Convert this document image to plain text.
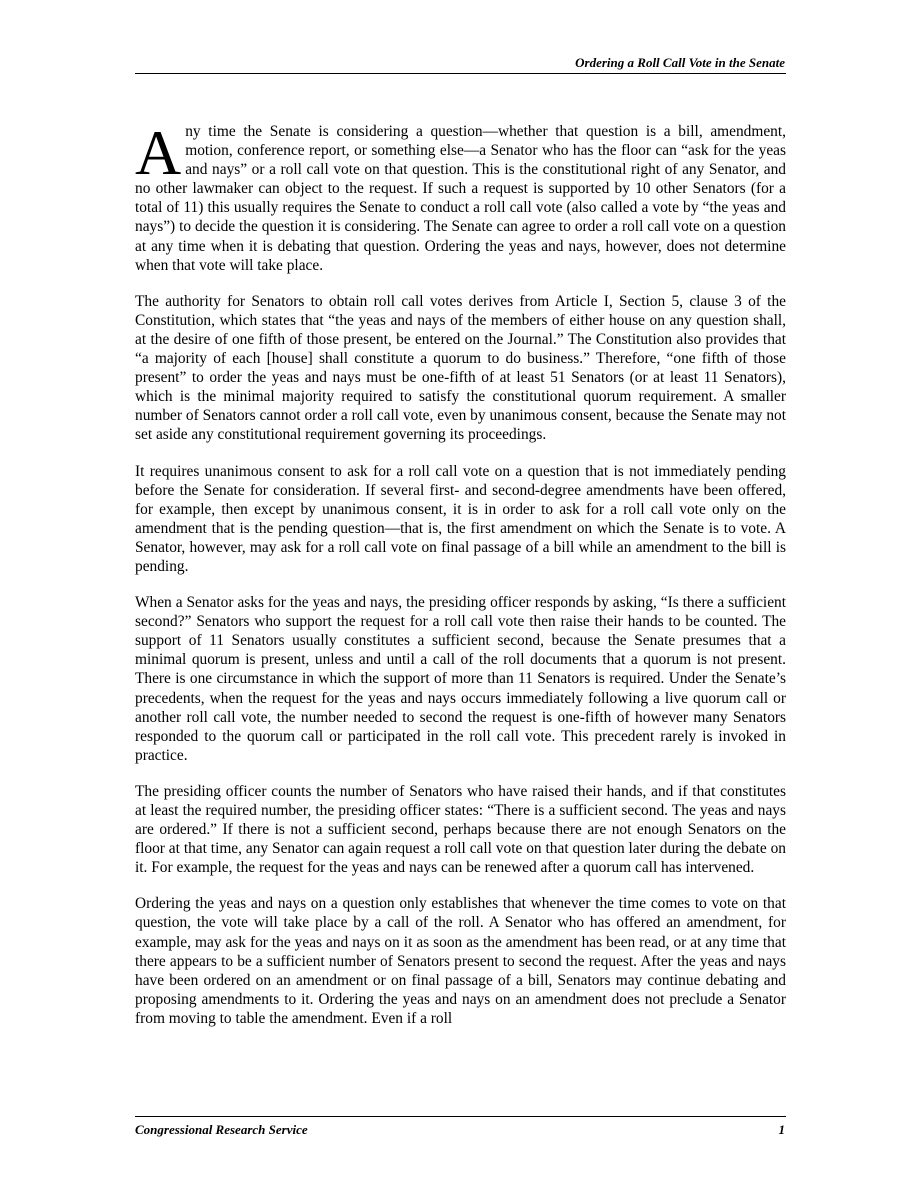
Ordering a Roll Call Vote in the Senate

Any time the Senate is considering a question—whether that question is a bill, amendment, motion, conference report, or something else—a Senator who has the floor can “ask for the yeas and nays” or a roll call vote on that question. This is the constitutional right of any Senator, and no other lawmaker can object to the request. If such a request is supported by 10 other Senators (for a total of 11) this usually requires the Senate to conduct a roll call vote (also called a vote by “the yeas and nays”) to decide the question it is considering. The Senate can agree to order a roll call vote on a question at any time when it is debating that question. Ordering the yeas and nays, however, does not determine when that vote will take place.

The authority for Senators to obtain roll call votes derives from Article I, Section 5, clause 3 of the Constitution, which states that “the yeas and nays of the members of either house on any question shall, at the desire of one fifth of those present, be entered on the Journal.” The Constitution also provides that “a majority of each [house] shall constitute a quorum to do business.” Therefore, “one fifth of those present” to order the yeas and nays must be one-fifth of at least 51 Senators (or at least 11 Senators), which is the minimal majority required to satisfy the constitutional quorum requirement. A smaller number of Senators cannot order a roll call vote, even by unanimous consent, because the Senate may not set aside any constitutional requirement governing its proceedings.

It requires unanimous consent to ask for a roll call vote on a question that is not immediately pending before the Senate for consideration. If several first- and second-degree amendments have been offered, for example, then except by unanimous consent, it is in order to ask for a roll call vote only on the amendment that is the pending question—that is, the first amendment on which the Senate is to vote. A Senator, however, may ask for a roll call vote on final passage of a bill while an amendment to the bill is pending.

When a Senator asks for the yeas and nays, the presiding officer responds by asking, “Is there a sufficient second?” Senators who support the request for a roll call vote then raise their hands to be counted. The support of 11 Senators usually constitutes a sufficient second, because the Senate presumes that a minimal quorum is present, unless and until a call of the roll documents that a quorum is not present. There is one circumstance in which the support of more than 11 Senators is required. Under the Senate’s precedents, when the request for the yeas and nays occurs immediately following a live quorum call or another roll call vote, the number needed to second the request is one-fifth of however many Senators responded to the quorum call or participated in the roll call vote. This precedent rarely is invoked in practice.

The presiding officer counts the number of Senators who have raised their hands, and if that constitutes at least the required number, the presiding officer states: “There is a sufficient second. The yeas and nays are ordered.” If there is not a sufficient second, perhaps because there are not enough Senators on the floor at that time, any Senator can again request a roll call vote on that question later during the debate on it. For example, the request for the yeas and nays can be renewed after a quorum call has intervened.

Ordering the yeas and nays on a question only establishes that whenever the time comes to vote on that question, the vote will take place by a call of the roll. A Senator who has offered an amendment, for example, may ask for the yeas and nays on it as soon as the amendment has been read, or at any time that there appears to be a sufficient number of Senators present to second the request. After the yeas and nays have been ordered on an amendment or on final passage of a bill, Senators may continue debating and proposing amendments to it. Ordering the yeas and nays on an amendment does not preclude a Senator from moving to table the amendment. Even if a roll

Congressional Research Service	1
